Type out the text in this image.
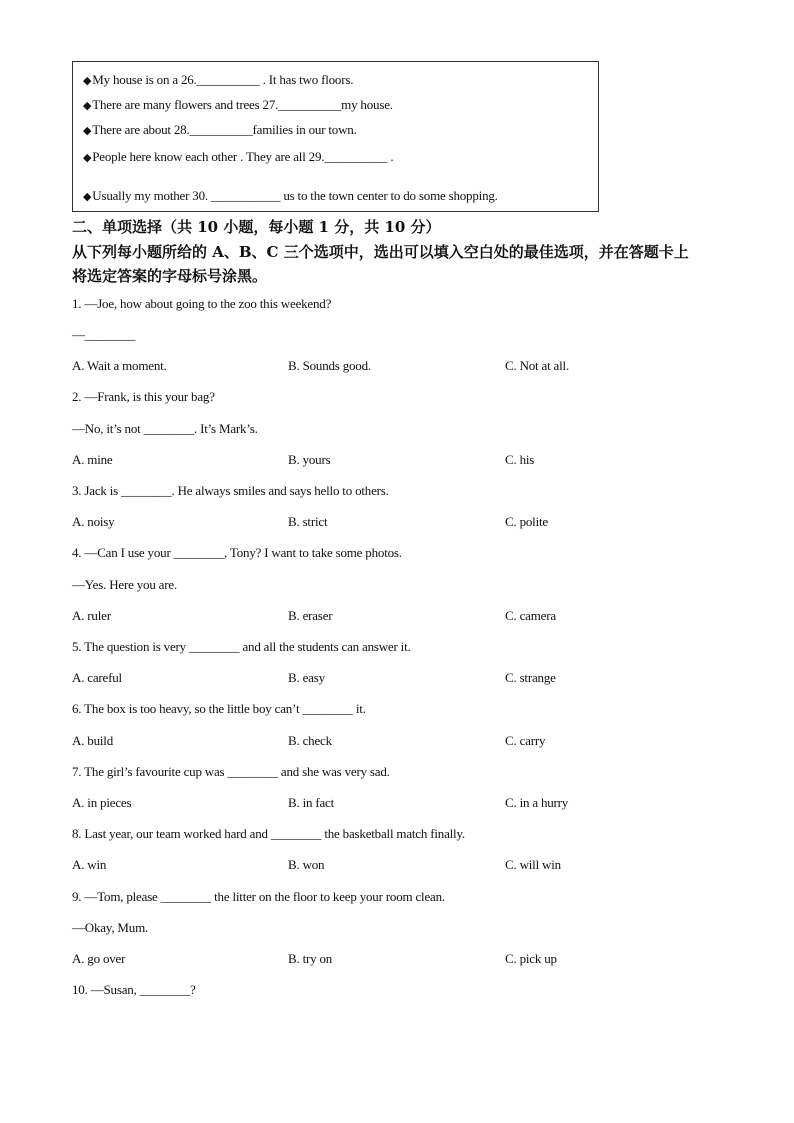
◆My house is on a 26.__________ . It has two floors.
◆There are many flowers and trees 27.__________my house.
◆There are about 28.__________families in our town.
◆People here know each other . They are all 29.__________ .
◆Usually my mother 30. ___________ us to the town center to do some shopping.
二、单项选择（共 10 小题，每小题 1 分，共 10 分）
从下列每小题所给的 A、B、C 三个选项中，选出可以填入空白处的最佳选项，并在答题卡上
将选定答案的字母标号涂黑。
1. —Joe, how about going to the zoo this weekend?
—________
A. Wait a moment.	B. Sounds good.	C. Not at all.
2. —Frank, is this your bag?
—No, it’s not ________. It’s Mark’s.
A. mine	B. yours	C. his
3. Jack is ________. He always smiles and says hello to others.
A. noisy	B. strict	C. polite
4. —Can I use your ________, Tony? I want to take some photos.
—Yes. Here you are.
A. ruler	B. eraser	C. camera
5. The question is very ________ and all the students can answer it.
A. careful	B. easy	C. strange
6. The box is too heavy, so the little boy can’t ________ it.
A. build	B. check	C. carry
7. The girl’s favourite cup was ________ and she was very sad.
A. in pieces	B. in fact	C. in a hurry
8. Last year, our team worked hard and ________ the basketball match finally.
A. win	B. won	C. will win
9. —Tom, please ________ the litter on the floor to keep your room clean.
—Okay, Mum.
A. go over	B. try on	C. pick up
10. —Susan, ________?
